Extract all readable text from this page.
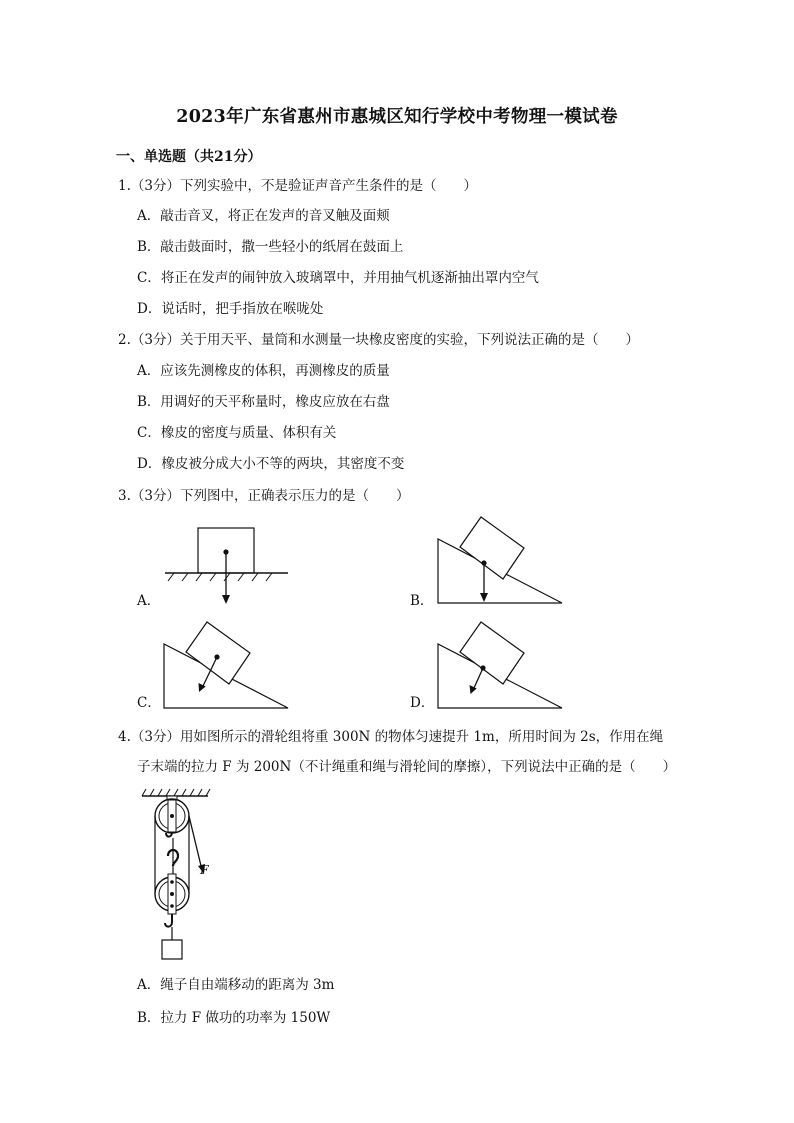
2023年广东省惠州市惠城区知行学校中考物理一模试卷
一、单选题（共21分）
1.（3分）下列实验中，不是验证声音产生条件的是（　　）
A．敲击音叉，将正在发声的音叉触及面颊
B．敲击鼓面时，撒一些轻小的纸屑在鼓面上
C．将正在发声的闹钟放入玻璃罩中，并用抽气机逐渐抽出罩内空气
D．说话时，把手指放在喉咙处
2.（3分）关于用天平、量筒和水测量一块橡皮密度的实验，下列说法正确的是（　　）
A．应该先测橡皮的体积，再测橡皮的质量
B．用调好的天平称量时，橡皮应放在右盘
C．橡皮的密度与质量、体积有关
D．橡皮被分成大小不等的两块，其密度不变
3.（3分）下列图中，正确表示压力的是（　　）
A．	B．
C．	D．
4.（3分）用如图所示的滑轮组将重 300N 的物体匀速提升 1m，所用时间为 2s，作用在绳
子末端的拉力 F 为 200N（不计绳重和绳与滑轮间的摩擦），下列说法中正确的是（　　）
F
A．绳子自由端移动的距离为 3m
B．拉力 F 做功的功率为 150W
